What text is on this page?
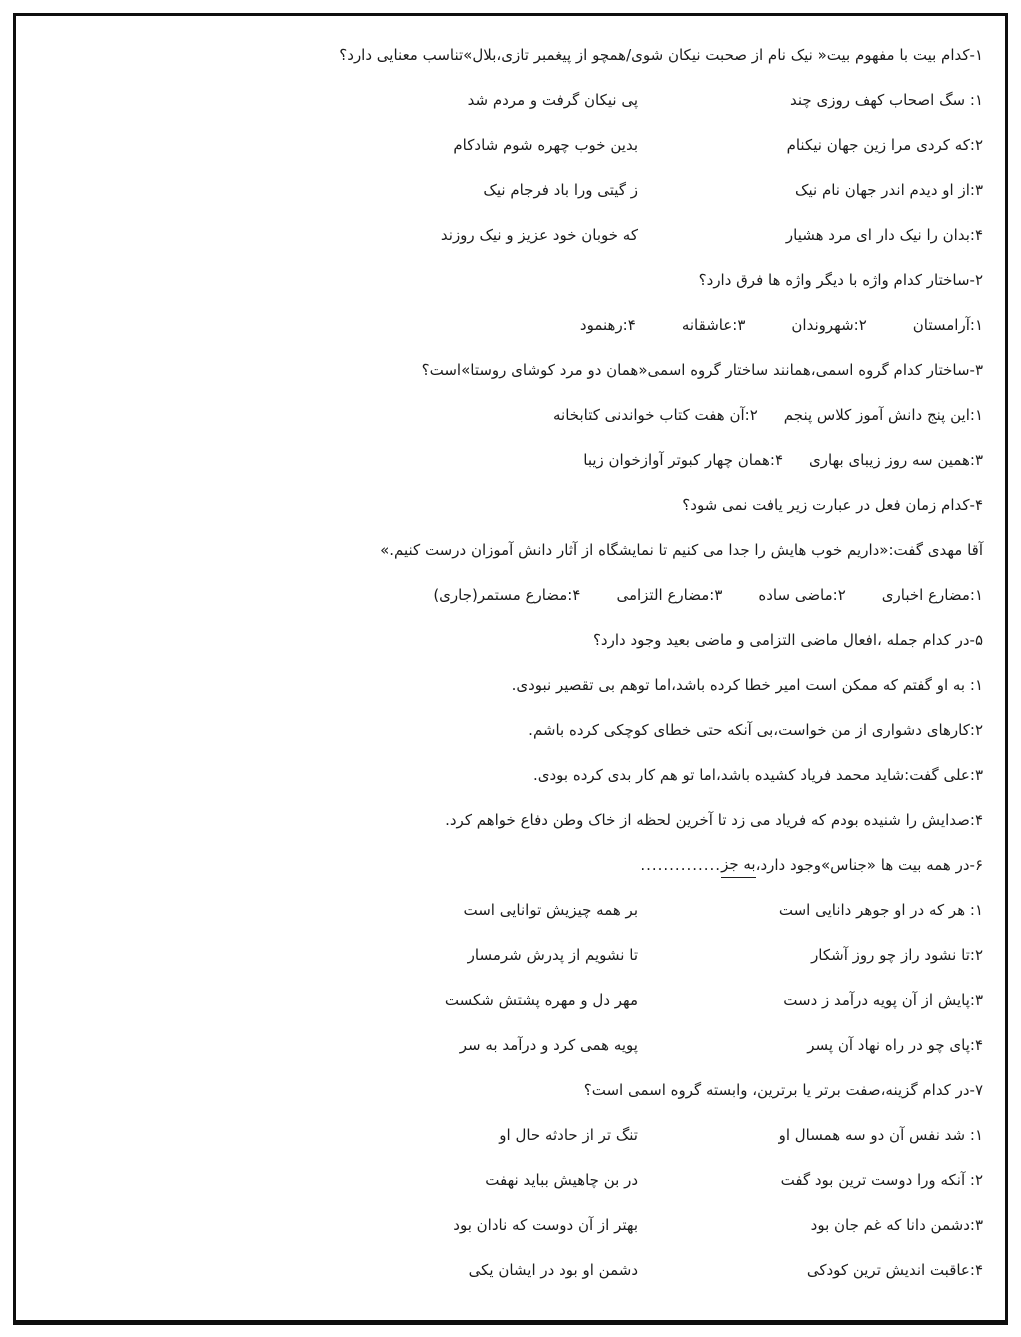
۱-کدام بیت با مفهوم بیت« نیک نام از صحبت نیکان شوی/همچو از پیغمبر تازی،بلال»تناسب معنایی دارد؟
۱: سگ اصحاب کهف روزی چند
پی نیکان گرفت و مردم شد
۲:که کردی مرا زین جهان نیکنام
بدین خوب چهره شوم شادکام
۳:از او دیدم اندر جهان نام نیک
ز گیتی ورا باد فرجام نیک
۴:بدان را نیک دار ای مرد هشیار
که خوبان خود عزیز و نیک روزند
۲-ساختار کدام واژه با دیگر واژه ها فرق دارد؟
۱:آرامستان
۲:شهروندان
۳:عاشقانه
۴:رهنمود
۳-ساختار کدام گروه اسمی،همانند ساختار گروه اسمی«همان دو مرد کوشای روستا»است؟
۱:این پنج دانش آموز کلاس پنجم
۲:آن هفت کتاب خواندنی کتابخانه
۳:همین سه روز زیبای بهاری
۴:همان چهار کبوتر آوازخوان زیبا
۴-کدام زمان فعل در عبارت زیر یافت نمی شود؟
آقا مهدی گفت:«داریم خوب هایش را جدا می کنیم تا نمایشگاه از آثار دانش آموزان درست کنیم.»
۱:مضارع اخباری
۲:ماضی ساده
۳:مضارع التزامی
۴:مضارع مستمر(جاری)
۵-در کدام جمله ،افعال ماضی التزامی و ماضی بعید وجود دارد؟
۱: به او گفتم که ممکن است امیر خطا کرده باشد،اما توهم بی تقصیر نبودی.
۲:کارهای دشواری از من خواست،بی آنکه حتی خطای کوچکی کرده باشم.
۳:علی گفت:شاید محمد فریاد کشیده باشد،اما تو هم کار بدی کرده بودی.
۴:صدایش را شنیده بودم که فریاد می زد تا آخرین لحظه از خاک وطن دفاع خواهم کرد.
۶-در همه بیت ها «جناس»وجود دارد،
به جز
..............
۱: هر که در او جوهر دانایی است
بر همه چیزیش توانایی است
۲:تا نشود راز چو روز آشکار
تا نشویم از پدرش شرمسار
۳:پایش از آن پویه درآمد ز دست
مهر دل و مهره پشتش شکست
۴:پای چو در راه نهاد آن پسر
پویه همی کرد و درآمد به سر
۷-در کدام گزینه،صفت برتر یا برترین، وابسته گروه اسمی است؟
۱: شد نفس آن دو سه همسال او
تنگ تر از حادثه حال او
۲: آنکه ورا دوست ترین بود گفت
در بن چاهیش بباید نهفت
۳:دشمن دانا که غم جان بود
بهتر از آن دوست که نادان بود
۴:عاقبت اندیش ترین کودکی
دشمن او بود در ایشان یکی
